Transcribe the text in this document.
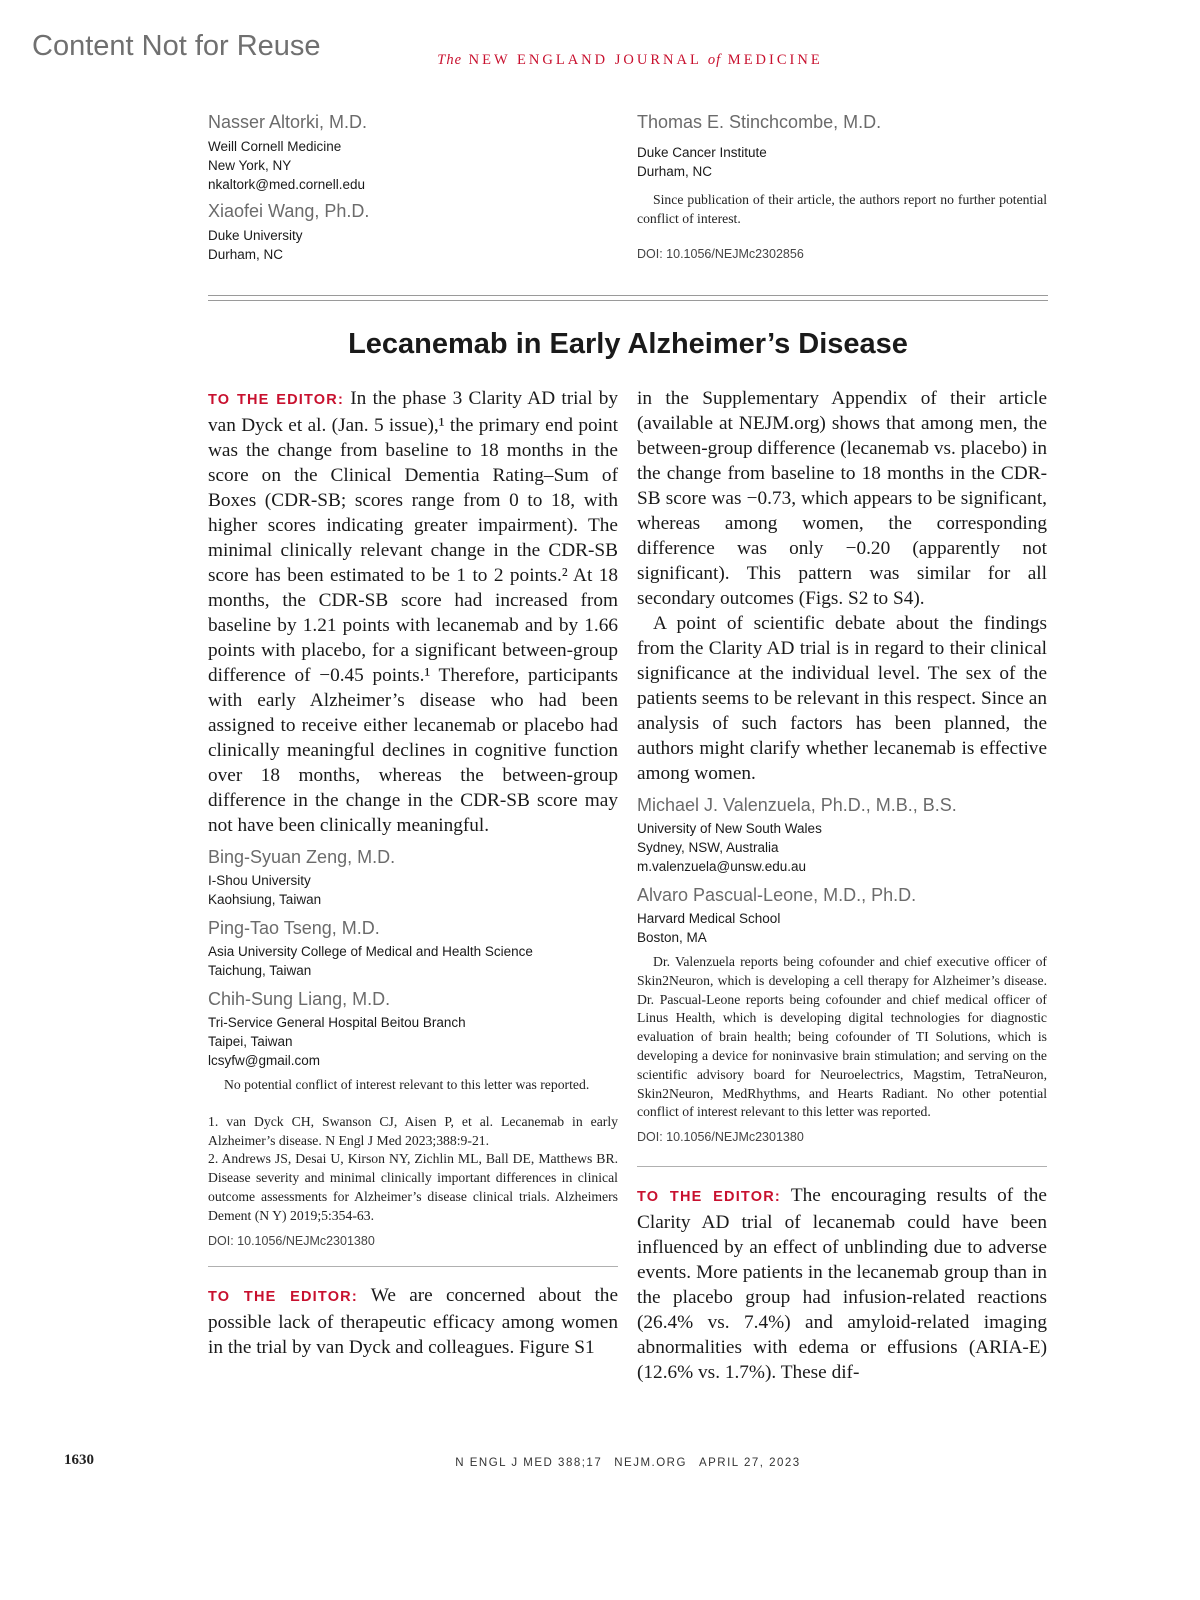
Content Not for Reuse	The NEW ENGLAND JOURNAL of MEDICINE
Nasser Altorki, M.D.
Weill Cornell Medicine
New York, NY
nkaltork@med.cornell.edu
Xiaofei Wang, Ph.D.
Duke University
Durham, NC
Thomas E. Stinchcombe, M.D.
Duke Cancer Institute
Durham, NC
Since publication of their article, the authors report no further potential conflict of interest.
DOI: 10.1056/NEJMc2302856
Lecanemab in Early Alzheimer’s Disease
TO THE EDITOR: In the phase 3 Clarity AD trial by van Dyck et al. (Jan. 5 issue),¹ the primary end point was the change from baseline to 18 months in the score on the Clinical Dementia Rating–Sum of Boxes (CDR-SB; scores range from 0 to 18, with higher scores indicating greater impairment). The minimal clinically relevant change in the CDR-SB score has been estimated to be 1 to 2 points.² At 18 months, the CDR-SB score had increased from baseline by 1.21 points with lecanemab and by 1.66 points with placebo, for a significant between-group difference of −0.45 points.¹ Therefore, participants with early Alzheimer’s disease who had been assigned to receive either lecanemab or placebo had clinically meaningful declines in cognitive function over 18 months, whereas the between-group difference in the change in the CDR-SB score may not have been clinically meaningful.
Bing-Syuan Zeng, M.D.
I-Shou University
Kaohsiung, Taiwan
Ping-Tao Tseng, M.D.
Asia University College of Medical and Health Science
Taichung, Taiwan
Chih-Sung Liang, M.D.
Tri-Service General Hospital Beitou Branch
Taipei, Taiwan
lcsyfw@gmail.com
No potential conflict of interest relevant to this letter was reported.
1. van Dyck CH, Swanson CJ, Aisen P, et al. Lecanemab in early Alzheimer’s disease. N Engl J Med 2023;388:9-21.
2. Andrews JS, Desai U, Kirson NY, Zichlin ML, Ball DE, Matthews BR. Disease severity and minimal clinically important differences in clinical outcome assessments for Alzheimer’s disease clinical trials. Alzheimers Dement (N Y) 2019;5:354-63.
DOI: 10.1056/NEJMc2301380
TO THE EDITOR: We are concerned about the possible lack of therapeutic efficacy among women in the trial by van Dyck and colleagues. Figure S1
in the Supplementary Appendix of their article (available at NEJM.org) shows that among men, the between-group difference (lecanemab vs. placebo) in the change from baseline to 18 months in the CDR-SB score was −0.73, which appears to be significant, whereas among women, the corresponding difference was only −0.20 (apparently not significant). This pattern was similar for all secondary outcomes (Figs. S2 to S4).
A point of scientific debate about the findings from the Clarity AD trial is in regard to their clinical significance at the individual level. The sex of the patients seems to be relevant in this respect. Since an analysis of such factors has been planned, the authors might clarify whether lecanemab is effective among women.
Michael J. Valenzuela, Ph.D., M.B., B.S.
University of New South Wales
Sydney, NSW, Australia
m.valenzuela@unsw.edu.au
Alvaro Pascual-Leone, M.D., Ph.D.
Harvard Medical School
Boston, MA
Dr. Valenzuela reports being cofounder and chief executive officer of Skin2Neuron, which is developing a cell therapy for Alzheimer’s disease. Dr. Pascual-Leone reports being cofounder and chief medical officer of Linus Health, which is developing digital technologies for diagnostic evaluation of brain health; being cofounder of TI Solutions, which is developing a device for noninvasive brain stimulation; and serving on the scientific advisory board for Neuroelectrics, Magstim, TetraNeuron, Skin2Neuron, MedRhythms, and Hearts Radiant. No other potential conflict of interest relevant to this letter was reported.
DOI: 10.1056/NEJMc2301380
TO THE EDITOR: The encouraging results of the Clarity AD trial of lecanemab could have been influenced by an effect of unblinding due to adverse events. More patients in the lecanemab group than in the placebo group had infusion-related reactions (26.4% vs. 7.4%) and amyloid-related imaging abnormalities with edema or effusions (ARIA-E) (12.6% vs. 1.7%). These dif-
1630	N ENGL J MED 388;17 NEJM.ORG APRIL 27, 2023
